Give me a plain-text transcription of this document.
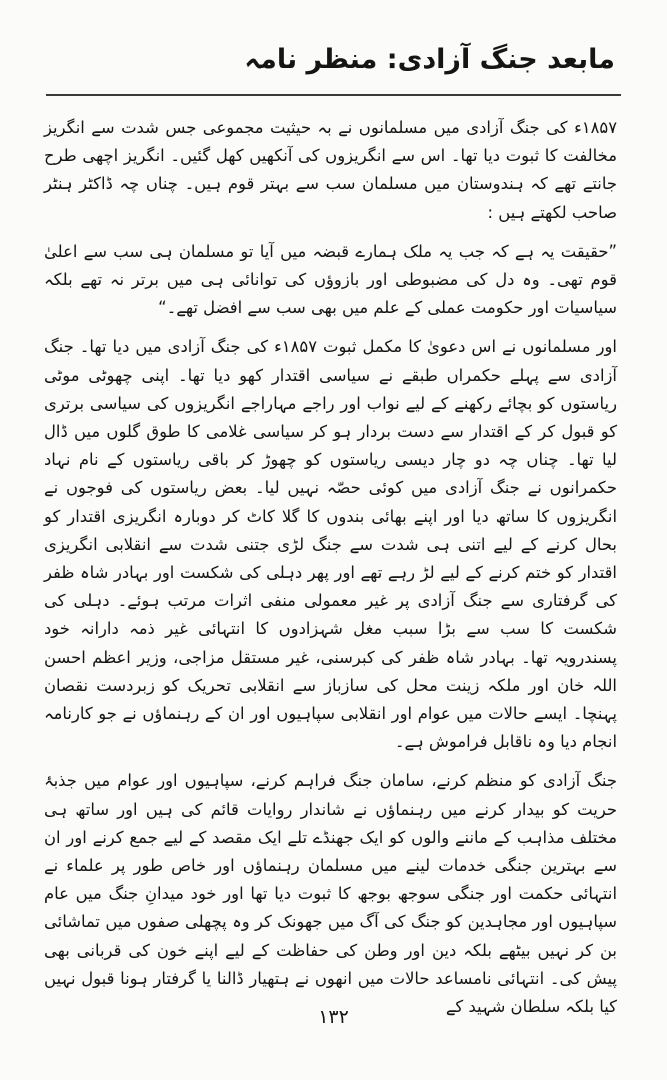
مابعد جنگ آزادی: منظر نامہ

۱۸۵۷ء کی جنگ آزادی میں مسلمانوں نے بہ حیثیت مجموعی جس شدت سے انگریز مخالفت کا ثبوت دیا تھا۔ اس سے انگریزوں کی آنکھیں کھل گئیں۔ انگریز اچھی طرح جانتے تھے کہ ہندوستان میں مسلمان سب سے بہتر قوم ہیں۔ چناں چہ ڈاکٹر ہنٹر صاحب لکھتے ہیں :

”حقیقت یہ ہے کہ جب یہ ملک ہمارے قبضہ میں آیا تو مسلمان ہی سب سے اعلیٰ قوم تھی۔ وہ دل کی مضبوطی اور بازوؤں کی توانائی ہی میں برتر نہ تھے بلکہ سیاسیات اور حکومت عملی کے علم میں بھی سب سے افضل تھے۔“

اور مسلمانوں نے اس دعویٰ کا مکمل ثبوت ۱۸۵۷ء کی جنگ آزادی میں دیا تھا۔ جنگ آزادی سے پہلے حکمراں طبقے نے سیاسی اقتدار کھو دیا تھا۔ اپنی چھوٹی موٹی ریاستوں کو بچائے رکھنے کے لیے نواب اور راجے مہاراجے انگریزوں کی سیاسی برتری کو قبول کر کے اقتدار سے دست بردار ہو کر سیاسی غلامی کا طوق گلوں میں ڈال لیا تھا۔ چناں چہ دو چار دیسی ریاستوں کو چھوڑ کر باقی ریاستوں کے نام نہاد حکمرانوں نے جنگ آزادی میں کوئی حصّہ نہیں لیا۔ بعض ریاستوں کی فوجوں نے انگریزوں کا ساتھ دیا اور اپنے بھائی بندوں کا گلا کاٹ کر دوبارہ انگریزی اقتدار کو بحال کرنے کے لیے اتنی ہی شدت سے جنگ لڑی جتنی شدت سے انقلابی انگریزی اقتدار کو ختم کرنے کے لیے لڑ رہے تھے اور پھر دہلی کی شکست اور بہادر شاہ ظفر کی گرفتاری سے جنگ آزادی پر غیر معمولی منفی اثرات مرتب ہوئے۔ دہلی کی شکست کا سب سے بڑا سبب مغل شہزادوں کا انتہائی غیر ذمہ دارانہ خود پسندرویہ تھا۔ بہادر شاہ ظفر کی کبرسنی، غیر مستقل مزاجی، وزیر اعظم احسن اللہ خان اور ملکہ زینت محل کی سازباز سے انقلابی تحریک کو زبردست نقصان پہنچا۔ ایسے حالات میں عوام اور انقلابی سپاہیوں اور ان کے رہنماؤں نے جو کارنامہ انجام دیا وہ ناقابل فراموش ہے۔

جنگ آزادی کو منظم کرنے، سامان جنگ فراہم کرنے، سپاہیوں اور عوام میں جذبۂ حریت کو بیدار کرنے میں رہنماؤں نے شاندار روایات قائم کی ہیں اور ساتھ ہی مختلف مذاہب کے ماننے والوں کو ایک جھنڈے تلے ایک مقصد کے لیے جمع کرنے اور ان سے بہترین جنگی خدمات لینے میں مسلمان رہنماؤں اور خاص طور پر علماء نے انتہائی حکمت اور جنگی سوجھ بوجھ کا ثبوت دیا تھا اور خود میدانِ جنگ میں عام سپاہیوں اور مجاہدین کو جنگ کی آگ میں جھونک کر وہ پچھلی صفوں میں تماشائی بن کر نہیں بیٹھے بلکہ دین اور وطن کی حفاظت کے لیے اپنے خون کی قربانی بھی پیش کی۔ انتہائی نامساعد حالات میں انھوں نے ہتھیار ڈالنا یا گرفتار ہونا قبول نہیں کیا بلکہ سلطان شہید کے

۱۳۲
